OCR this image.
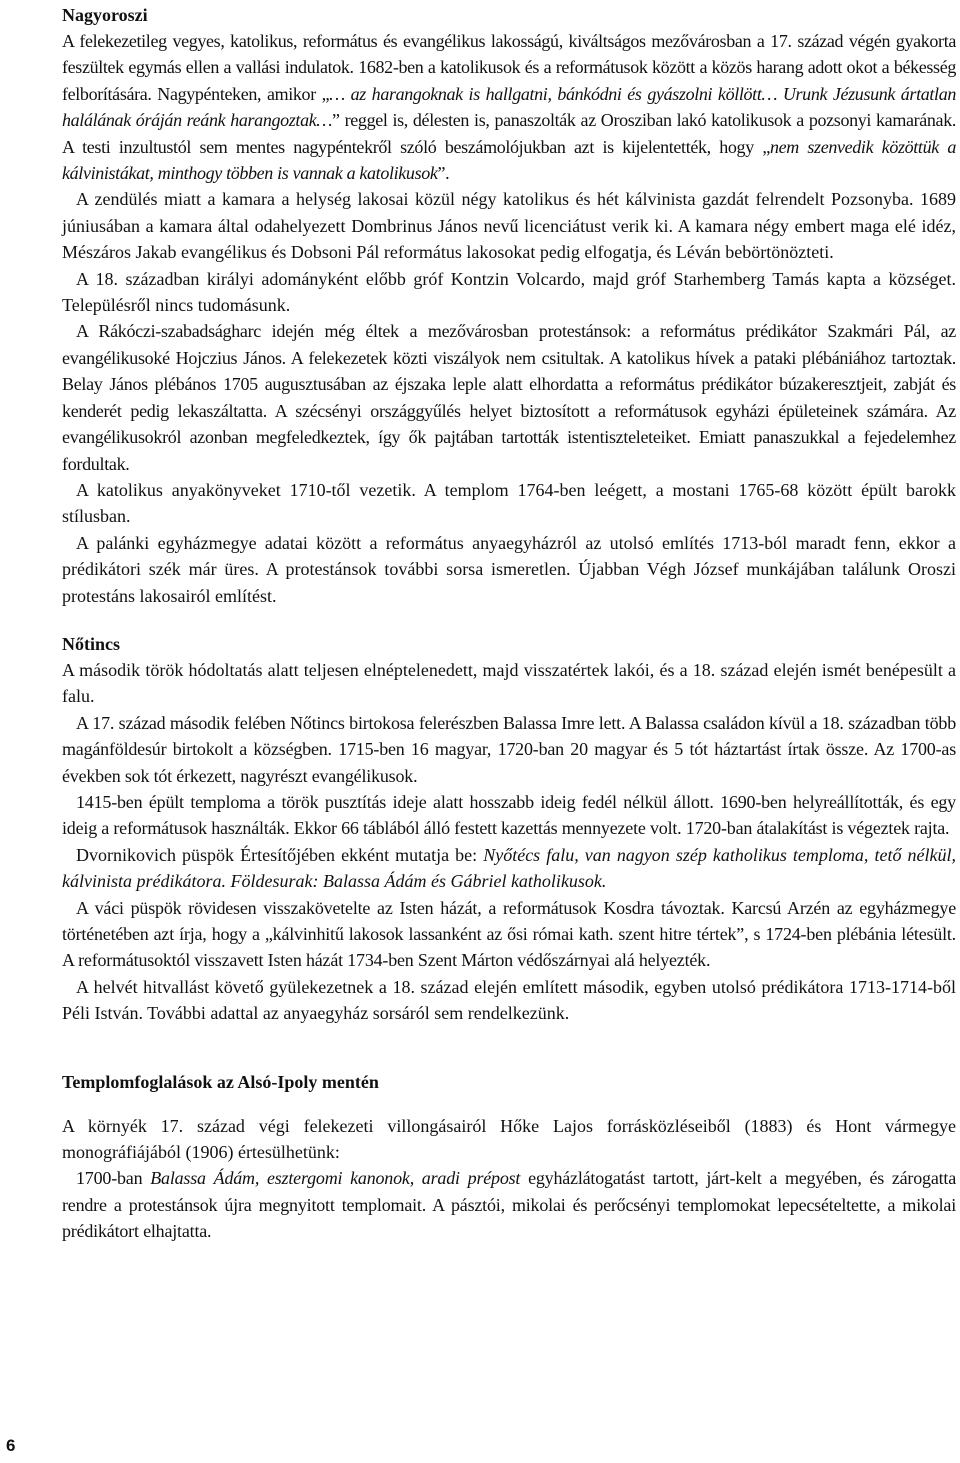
Nagyoroszi

A felekezetileg vegyes, katolikus, református és evangélikus lakosságú, kiváltságos mezővárosban a 17. század végén gyakorta feszültek egymás ellen a vallási indulatok. 1682-ben a katolikusok és a reformátusok között a közös harang adott okot a békesség felborítására. Nagypénteken, amikor „… az harangoknak is hallgatni, bánkódni és gyászolni köllött… Urunk Jézusunk ártatlan halálának óráján reánk harangoztak…” reggel is, délesten is, panaszolták az Orosziban lakó katolikusok a pozsonyi kamarának. A testi inzultustól sem mentes nagypéntekről szóló beszámolójukban azt is kijelentették, hogy „nem szenvedik közöttük a kálvinistákat, minthogy többen is vannak a katolikusok”.

A zendülés miatt a kamara a helység lakosai közül négy katolikus és hét kálvinista gazdát felrendelt Pozsonyba. 1689 júniusában a kamara által odahelyezett Dombrinus János nevű licenciátust verik ki. A kamara négy embert maga elé idéz, Mészáros Jakab evangélikus és Dobsoni Pál református lakosokat pedig elfogatja, és Léván bebörtönözteti.

A 18. században királyi adományként előbb gróf Kontzin Volcardo, majd gróf Starhemberg Tamás kapta a községet. Településről nincs tudomásunk.

A Rákóczi-szabadságharc idején még éltek a mezővárosban protestánsok: a református prédikátor Szakmári Pál, az evangélikusoké Hojczius János. A felekezetek közti viszályok nem csitultak. A katolikus hívek a pataki plébániához tartoztak. Belay János plébános 1705 augusztusában az éjszaka leple alatt elhordatta a református prédikátor búzakeresztjeit, zabját és kenderét pedig lekaszáltatta. A szécsényi országgyűlés helyet biztosított a reformátusok egyházi épületeinek számára. Az evangélikusokról azonban megfeledkeztek, így ők pajtában tartották istentiszteleteiket. Emiatt panaszukkal a fejedelemhez fordultak.

A katolikus anyakönyveket 1710-től vezetik. A templom 1764-ben leégett, a mostani 1765-68 között épült barokk stílusban.

A palánki egyházmegye adatai között a református anyaegyházról az utolsó említés 1713-ból maradt fenn, ekkor a prédikátori szék már üres. A protestánsok további sorsa ismeretlen. Újabban Végh József munkájában találunk Oroszi protestáns lakosairól említést.

Nőtincs

A második török hódoltatás alatt teljesen elnéptelenedett, majd visszatértek lakói, és a 18. század elején ismét benépesült a falu.

A 17. század második felében Nőtincs birtokosa felerészben Balassa Imre lett. A Balassa családon kívül a 18. században több magánföldesúr birtokolt a községben. 1715-ben 16 magyar, 1720-ban 20 magyar és 5 tót háztartást írtak össze. Az 1700-as években sok tót érkezett, nagyrészt evangélikusok.

1415-ben épült temploma a török pusztítás ideje alatt hosszabb ideig fedél nélkül állott. 1690-ben helyreállították, és egy ideig a reformátusok használták. Ekkor 66 táblából álló festett kazettás mennyezete volt. 1720-ban átalakítást is végeztek rajta.

Dvornikovich püspök Értesítőjében ekként mutatja be: Nyőtécs falu, van nagyon szép katholikus temploma, tető nélkül, kálvinista prédikátora. Földesurak: Balassa Ádám és Gábriel katholikusok.

A váci püspök rövidesen visszakövetelte az Isten házát, a reformátusok Kosdra távoztak. Karcsú Arzén az egyházmegye történetében azt írja, hogy a „kálvinhitű lakosok lassanként az ősi római kath. szent hitre tértek”, s 1724-ben plébánia létesült. A reformátusoktól visszavett Isten házát 1734-ben Szent Márton védőszárnyai alá helyezték.

A helvét hitvallást követő gyülekezetnek a 18. század elején említett második, egyben utolsó prédikátora 1713-1714-ből Péli István. További adattal az anyaegyház sorsáról sem rendelkezünk.

Templomfoglalások az Alsó-Ipoly mentén

A környék 17. század végi felekezeti villongásairól Hőke Lajos forrásközléseiből (1883) és Hont vármegye monográfiájából (1906) értesülhetünk:

1700-ban Balassa Ádám, esztergomi kanonok, aradi prépost egyházlátogatást tartott, járt-kelt a megyében, és zárogatta rendre a protestánsok újra megnyitott templomait. A pásztói, mikolai és perőcsényi templomokat lepecsételtette, a mikolai prédikátort elhajtatta.

6
